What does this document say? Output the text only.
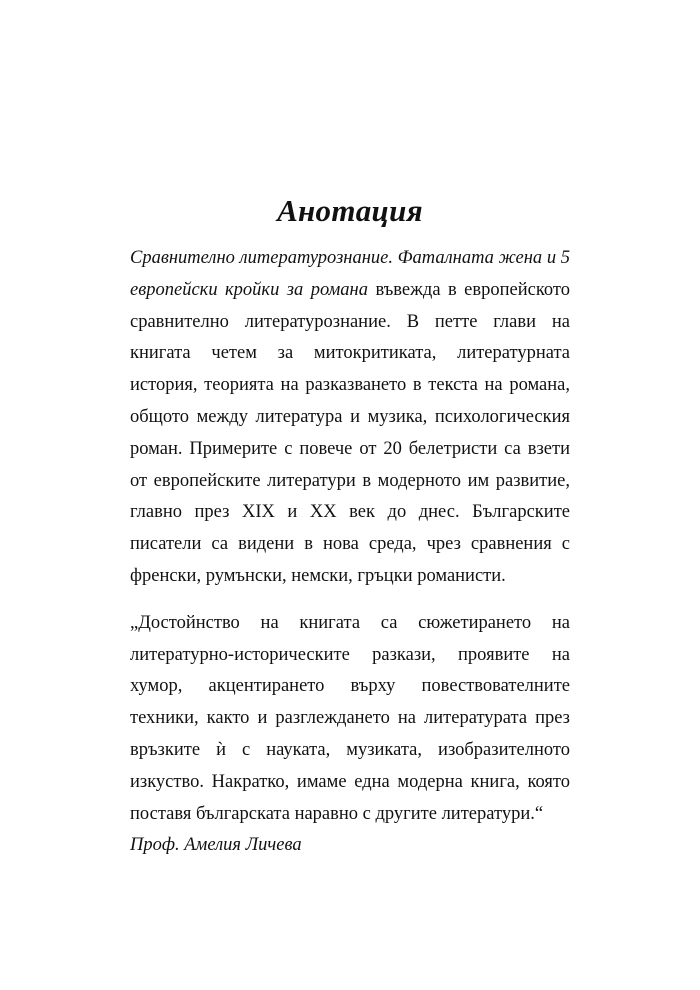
Анотация

Сравнително литературознание. Фаталната жена и 5 европейски кройки за романа въвежда в европейското сравнително литературознание. В петте глави на книгата четем за митокритиката, литературната история, теорията на разказването в текста на романа, общото между литература и музика, психологическия роман. Примерите с повече от 20 белетристи са взети от европейските литератури в модерното им развитие, главно през XIX и XX век до днес. Българските писатели са видени в нова среда, чрез сравнения с френски, румънски, немски, гръцки романисти.

„Достойнство на книгата са сюжетирането на литературно-историческите разкази, проявите на хумор, акцентирането върху повествователните техники, както и разглеждането на литературата през връзките ѝ с науката, музиката, изобразителното изкуство. Накратко, имаме една модерна книга, която поставя българската наравно с другите литератури.“
Проф. Амелия Личева
